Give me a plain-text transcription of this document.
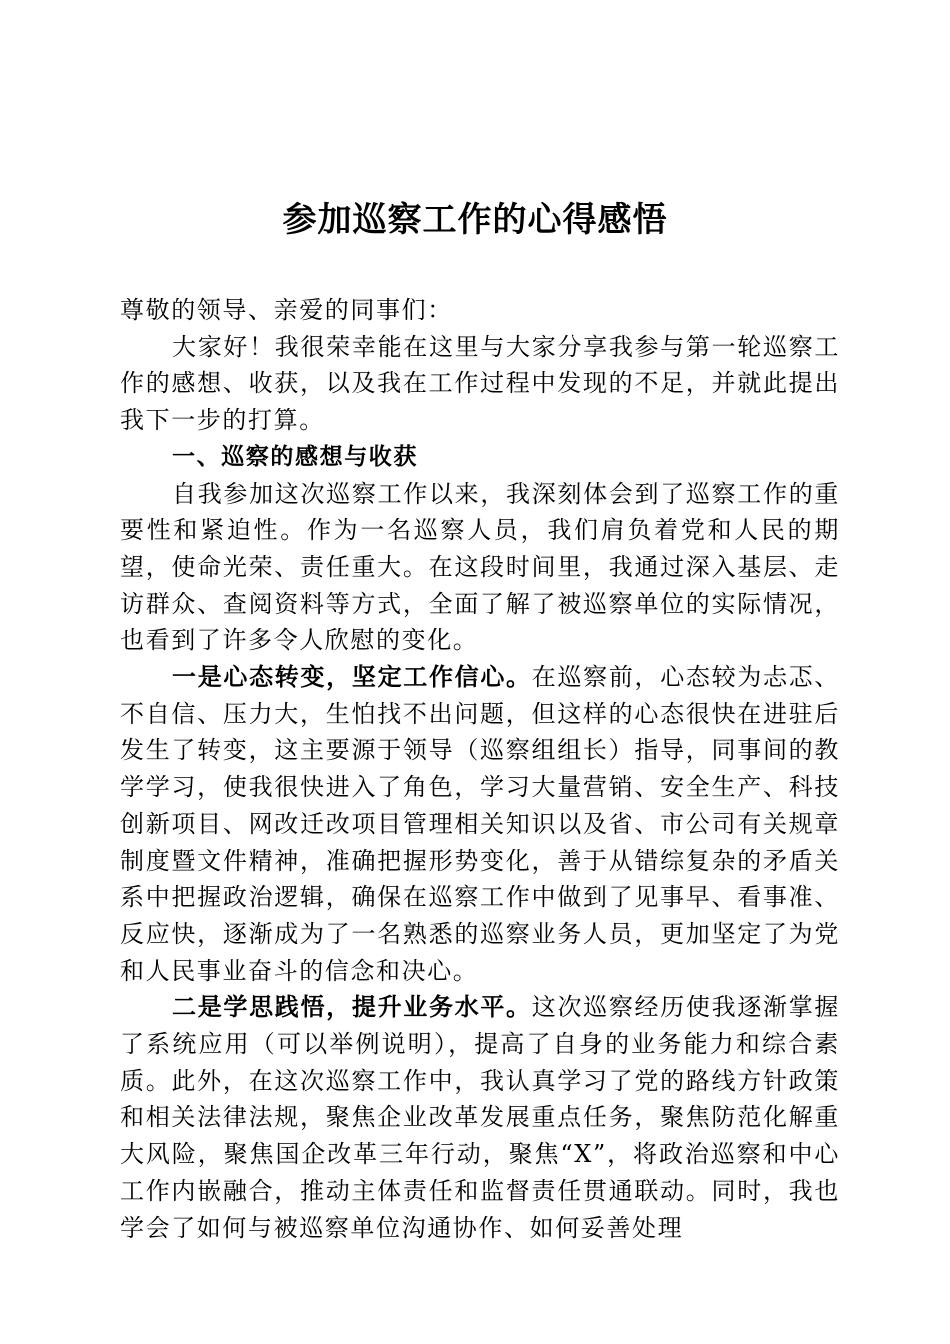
参加巡察工作的心得感悟

尊敬的领导、亲爱的同事们：

大家好！我很荣幸能在这里与大家分享我参与第一轮巡察工作的感想、收获，以及我在工作过程中发现的不足，并就此提出我下一步的打算。

一、巡察的感想与收获

自我参加这次巡察工作以来，我深刻体会到了巡察工作的重要性和紧迫性。作为一名巡察人员，我们肩负着党和人民的期望，使命光荣、责任重大。在这段时间里，我通过深入基层、走访群众、查阅资料等方式，全面了解了被巡察单位的实际情况，也看到了许多令人欣慰的变化。

一是心态转变，坚定工作信心。在巡察前，心态较为忐忑、不自信、压力大，生怕找不出问题，但这样的心态很快在进驻后发生了转变，这主要源于领导（巡察组组长）指导，同事间的教学学习，使我很快进入了角色，学习大量营销、安全生产、科技创新项目、网改迁改项目管理相关知识以及省、市公司有关规章制度暨文件精神，准确把握形势变化，善于从错综复杂的矛盾关系中把握政治逻辑，确保在巡察工作中做到了见事早、看事准、反应快，逐渐成为了一名熟悉的巡察业务人员，更加坚定了为党和人民事业奋斗的信念和决心。

二是学思践悟，提升业务水平。这次巡察经历使我逐渐掌握了系统应用（可以举例说明），提高了自身的业务能力和综合素质。此外，在这次巡察工作中，我认真学习了党的路线方针政策和相关法律法规，聚焦企业改革发展重点任务，聚焦防范化解重大风险，聚焦国企改革三年行动，聚焦“X”，将政治巡察和中心工作内嵌融合，推动主体责任和监督责任贯通联动。同时，我也学会了如何与被巡察单位沟通协作、如何妥善处理
